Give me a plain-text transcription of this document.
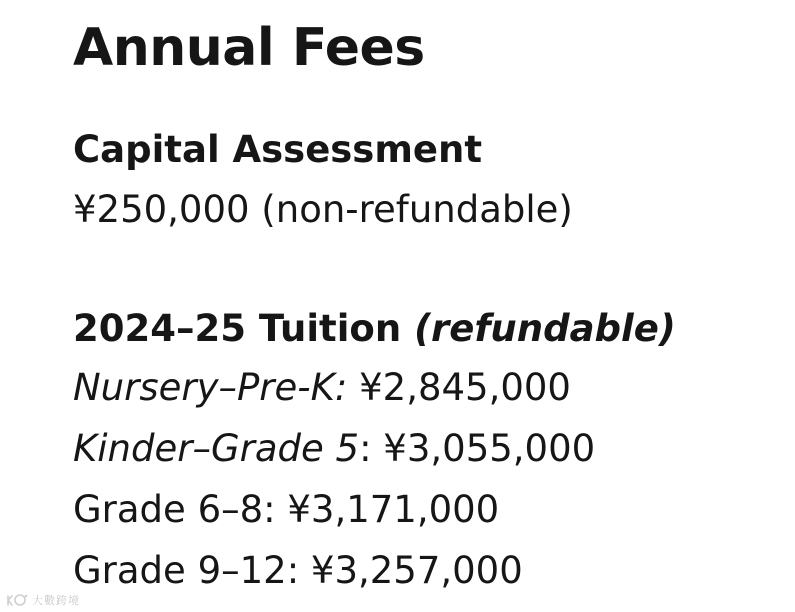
Annual Fees
Capital Assessment

¥250,000 (non-refundable)

2024–25 Tuition (refundable)

Nursery–Pre-K: ¥2,845,000

Kinder–Grade 5: ¥3,055,000

Grade 6–8: ¥3,171,000

Grade 9–12: ¥3,257,000

大數跨境
